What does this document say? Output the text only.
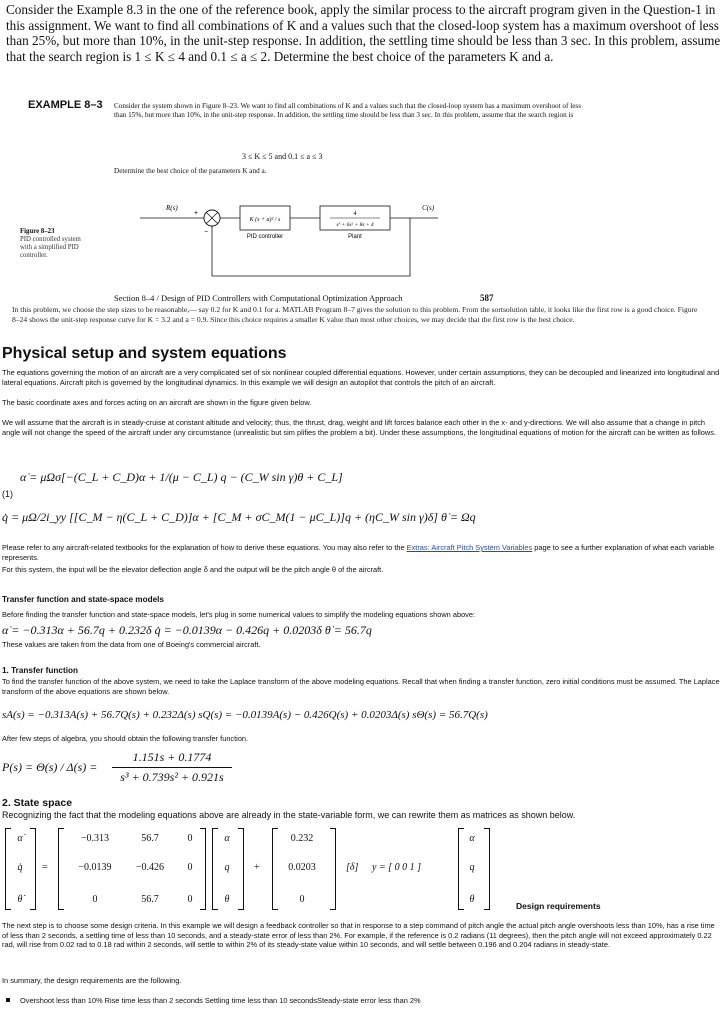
Consider the Example 8.3 in the one of the reference book, apply the similar process to the aircraft program given in the Question-1 in this assignment. We want to find all combinations of K and a values such that the closed-loop system has a maximum overshoot of less than 25%, but more than 10%, in the unit-step response. In addition, the settling time should be less than 3 sec. In this problem, assume that the search region is 1 ≤ K ≤ 4 and 0.1 ≤ a ≤ 2. Determine the best choice of the parameters K and a.
EXAMPLE 8–3 Consider the system shown in Figure 8–23. We want to find all combinations of K and a values such that the closed-loop system has a maximum overshoot of less than 15%, but more than 10%, in the unit-step response. In addition, the settling time should be less than 3 sec. In this problem, assume that the search region is
3 ≤ K ≤ 5 and 0.1 ≤ a ≤ 3
Determine the best choice of the parameters K and a.
Figure 8–23
PID controlled system with a simplified PID controller.
R(s)
K (s + a)² / s
PID controller
4
s³ + 6s² + 8s + 4
Plant
C(s)
−
+
Section 8–4 / Design of PID Controllers with Computational Optimization Approach	587
In this problem, we choose the step sizes to be reasonable,— say 0.2 for K and 0.1 for a. MATLAB Program 8–7 gives the solution to this problem. From the sortsolution table, it looks like the first row is a good choice. Figure 8–24 shows the unit-step response curve for K = 3.2 and a = 0.9. Since this choice requires a smaller K value than most other choices, we may decide that the first row is the best choice.
Physical setup and system equations
The equations governing the motion of an aircraft are a very complicated set of six nonlinear coupled differential equations. However, under certain assumptions, they can be decoupled and linearized into longitudinal and lateral equations. Aircraft pitch is governed by the longitudinal dynamics. In this example we will design an autopilot that controls the pitch of an aircraft.
The basic coordinate axes and forces acting on an aircraft are shown in the figure given below.
We will assume that the aircraft is in steady-cruise at constant altitude and velocity; thus, the thrust, drag, weight and lift forces balance each other in the x- and y-directions. We will also assume that a change in pitch angle will not change the speed of the aircraft under any circumstance (unrealistic but sim plifies the problem a bit). Under these assumptions, the longitudinal equations of motion for the aircraft can be written as follows.
(1)
α̇ = μΩσ[−(C_L + C_D)α + 1/(μ − C_L) q − (C_W sin γ)θ + C_L]
q̇ = μΩ/2i_yy [[C_M − η(C_L + C_D)]α + [C_M + σC_M(1 − μC_L)]q + (ηC_W sin γ)δ] θ̇ = Ωq
Please refer to any aircraft-related textbooks for the explanation of how to derive these equations. You may also refer to the Extras: Aircraft Pitch System Variables page to see a further explanation of what each variable represents.
For this system, the input will be the elevator deflection angle δ and the output will be the pitch angle θ of the aircraft.
Transfer function and state-space models
Before finding the transfer function and state-space models, let's plug in some numerical values to simplify the modeling equations shown above:
α̇ = −0.313α + 56.7q + 0.232δ q̇ = −0.0139α − 0.426q + 0.0203δ θ̇ = 56.7q
These values are taken from the data from one of Boeing's commercial aircraft.
1. Transfer function
To find the transfer function of the above system, we need to take the Laplace transform of the above modeling equations. Recall that when finding a transfer function, zero initial conditions must be assumed. The Laplace transform of the above equations are shown below.
sA(s) = −0.313A(s) + 56.7Q(s) + 0.232Δ(s) sQ(s) = −0.0139A(s) − 0.426Q(s) + 0.0203Δ(s) sΘ(s) = 56.7Q(s)
After few steps of algebra, you should obtain the following transfer function.
P(s) = Θ(s) / Δ(s) =
1.151s + 0.1774
s³ + 0.739s² + 0.921s
2. State space
Recognizing the fact that the modeling equations above are already in the state-variable form, we can rewrite them as matrices as shown below.
α̇
q̇
θ̇
=
−0.313	56.7	0
−0.0139	−0.426	0
0	56.7	0
α
q
θ
+
0.232
0.0203
0
[δ] y = [ 0 0 1 ]
α
q
θ
Design requirements
The next step is to choose some design criteria. In this example we will design a feedback controller so that in response to a step command of pitch angle the actual pitch angle overshoots less than 10%, has a rise time of less than 2 seconds, a settling time of less than 10 seconds, and a steady-state error of less than 2%. For example, if the reference is 0.2 radians (11 degrees), then the pitch angle will not exceed approximately 0.22 rad, will rise from 0.02 rad to 0.18 rad within 2 seconds, will settle to within 2% of its steady-state value within 10 seconds, and will settle between 0.196 and 0.204 radians in steady-state.
In summary, the design requirements are the following.
Overshoot less than 10% Rise time less than 2 seconds Settling time less than 10 secondsSteady-state error less than 2%
